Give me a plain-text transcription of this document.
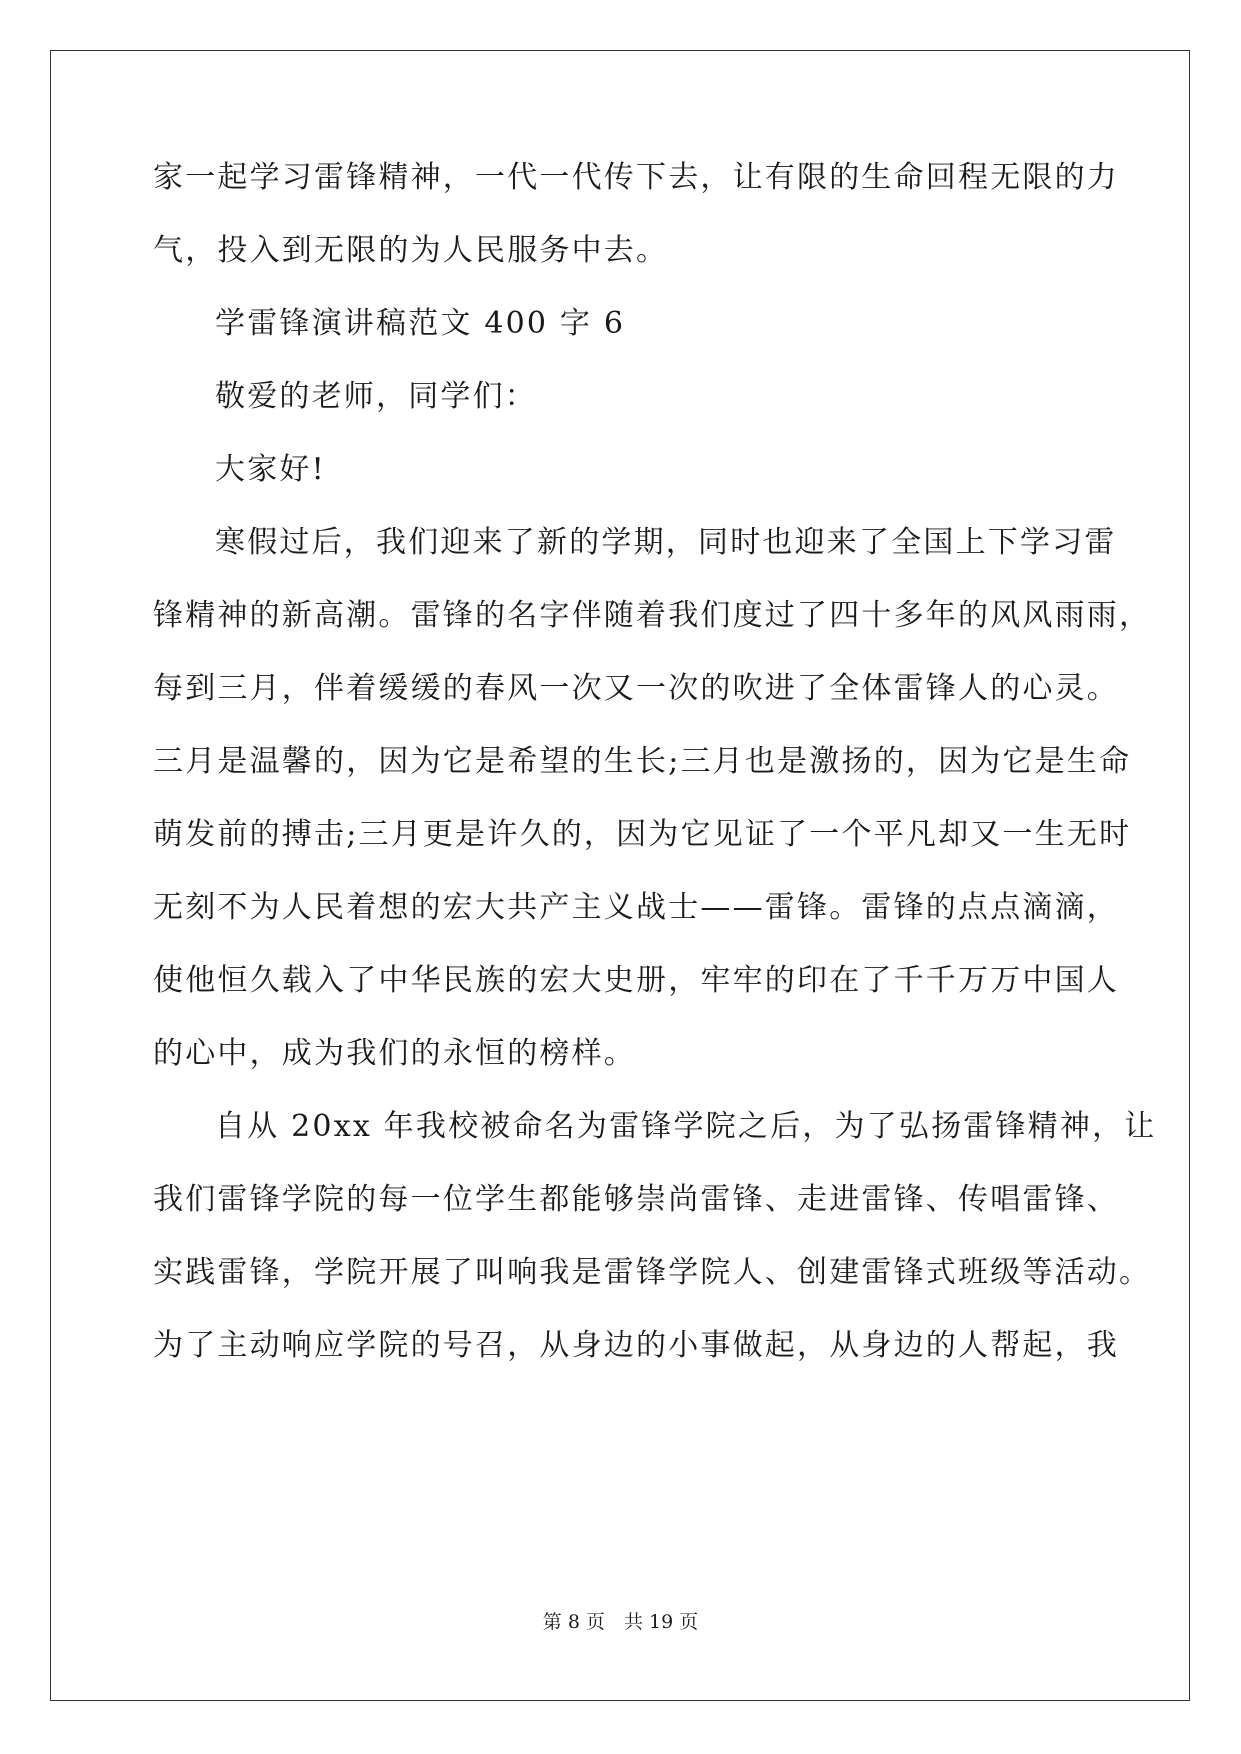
家一起学习雷锋精神，一代一代传下去，让有限的生命回程无限的力
气，投入到无限的为人民服务中去。
学雷锋演讲稿范文 400 字 6
敬爱的老师，同学们：
大家好!
寒假过后，我们迎来了新的学期，同时也迎来了全国上下学习雷
锋精神的新高潮。雷锋的名字伴随着我们度过了四十多年的风风雨雨，
每到三月，伴着缓缓的春风一次又一次的吹进了全体雷锋人的心灵。
三月是温馨的，因为它是希望的生长;三月也是激扬的，因为它是生命
萌发前的搏击;三月更是许久的，因为它见证了一个平凡却又一生无时
无刻不为人民着想的宏大共产主义战士——雷锋。雷锋的点点滴滴，
使他恒久载入了中华民族的宏大史册，牢牢的印在了千千万万中国人
的心中，成为我们的永恒的榜样。
自从 20xx 年我校被命名为雷锋学院之后，为了弘扬雷锋精神，让
我们雷锋学院的每一位学生都能够崇尚雷锋、走进雷锋、传唱雷锋、
实践雷锋，学院开展了叫响我是雷锋学院人、创建雷锋式班级等活动。
为了主动响应学院的号召，从身边的小事做起，从身边的人帮起，我
第 8 页　共 19 页
